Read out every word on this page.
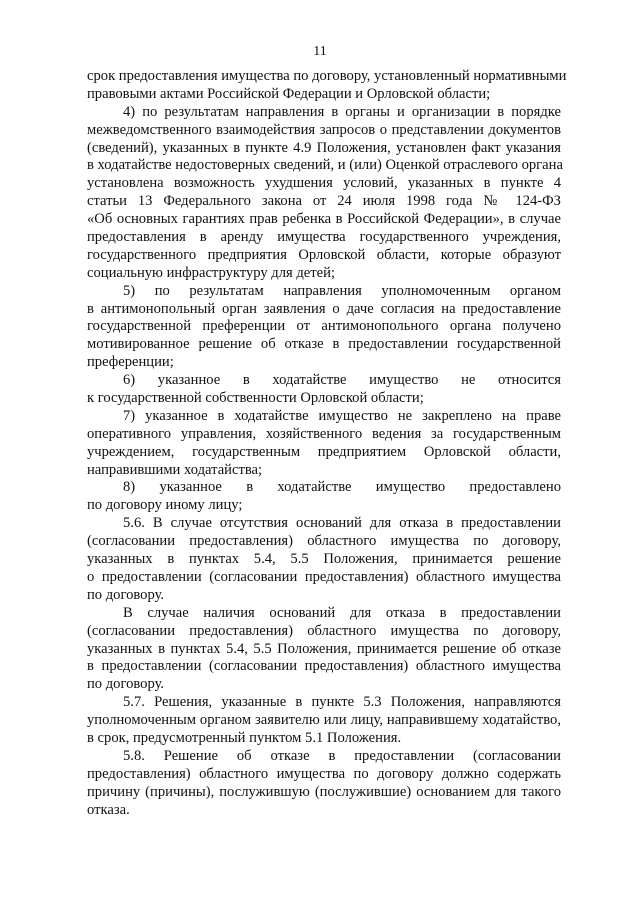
11
срок предоставления имущества по договору, установленный нормативными
правовыми актами Российской Федерации и Орловской области;
4) по результатам направления в органы и организации в порядке
межведомственного взаимодействия запросов о представлении документов
(сведений), указанных в пункте 4.9 Положения, установлен факт указания
в ходатайстве недостоверных сведений, и (или) Оценкой отраслевого органа
установлена возможность ухудшения условий, указанных в пункте 4
статьи 13 Федерального закона от 24 июля 1998 года № 124-ФЗ
«Об основных гарантиях прав ребенка в Российской Федерации», в случае
предоставления в аренду имущества государственного учреждения,
государственного предприятия Орловской области, которые образуют
социальную инфраструктуру для детей;
5) по результатам направления уполномоченным органом
в антимонопольный орган заявления о даче согласия на предоставление
государственной преференции от антимонопольного органа получено
мотивированное решение об отказе в предоставлении государственной
преференции;
6) указанное в ходатайстве имущество не относится
к государственной собственности Орловской области;
7) указанное в ходатайстве имущество не закреплено на праве
оперативного управления, хозяйственного ведения за государственным
учреждением, государственным предприятием Орловской области,
направившими ходатайства;
8) указанное в ходатайстве имущество предоставлено
по договору иному лицу;
5.6. В случае отсутствия оснований для отказа в предоставлении
(согласовании предоставления) областного имущества по договору,
указанных в пунктах 5.4, 5.5 Положения, принимается решение
о предоставлении (согласовании предоставления) областного имущества
по договору.
В случае наличия оснований для отказа в предоставлении
(согласовании предоставления) областного имущества по договору,
указанных в пунктах 5.4, 5.5 Положения, принимается решение об отказе
в предоставлении (согласовании предоставления) областного имущества
по договору.
5.7. Решения, указанные в пункте 5.3 Положения, направляются
уполномоченным органом заявителю или лицу, направившему ходатайство,
в срок, предусмотренный пунктом 5.1 Положения.
5.8. Решение об отказе в предоставлении (согласовании
предоставления) областного имущества по договору должно содержать
причину (причины), послужившую (послужившие) основанием для такого
отказа.
